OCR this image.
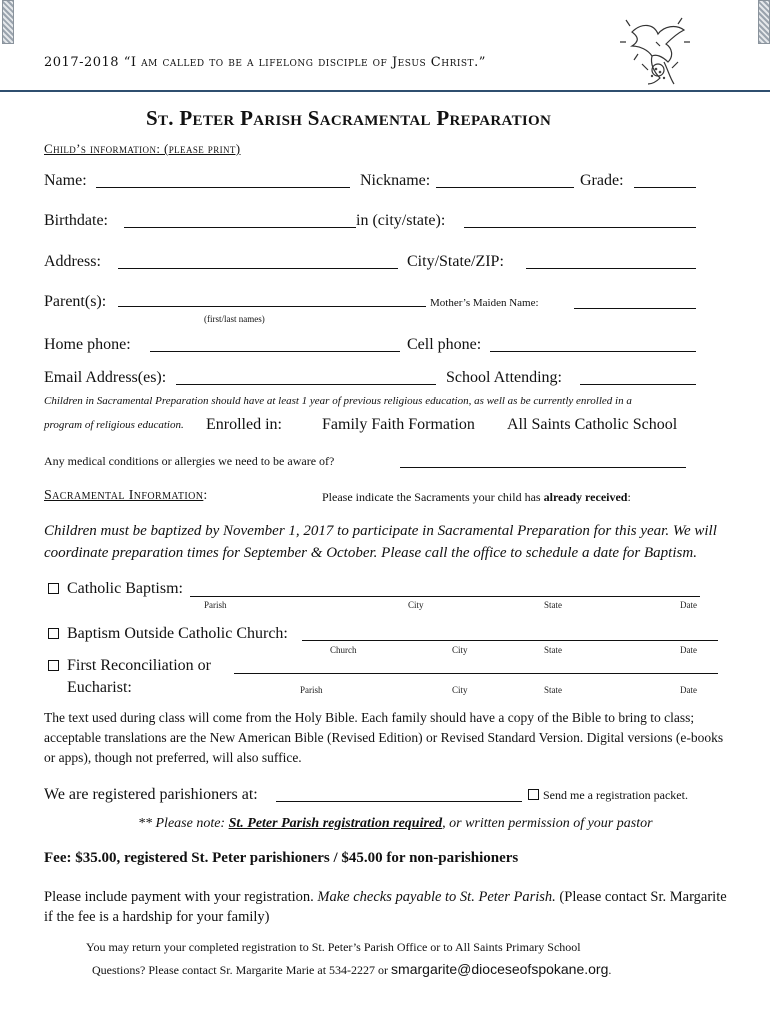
2017-2018 “I am called to be a lifelong disciple of Jesus Christ.”
St. Peter Parish Sacramental Preparation
Child’s information: (please print)
Name:	Nickname:	Grade:
Birthdate:	in (city/state):
Address:	City/State/ZIP:
Parent(s):	Mother’s Maiden Name:
(first/last names)
Home phone:	Cell phone:
Email Address(es):	School Attending:
Children in Sacramental Preparation should have at least 1 year of previous religious education, as well as be currently enrolled in a
program of religious education. Enrolled in:	Family Faith Formation All Saints Catholic School
Any medical conditions or allergies we need to be aware of?
Sacramental Information:	Please indicate the Sacraments your child has already received:
Children must be baptized by November 1, 2017 to participate in Sacramental Preparation for this year. We will
coordinate preparation times for September & October. Please call the office to schedule a date for Baptism.
Catholic Baptism:
Parish	City	State	Date
Baptism Outside Catholic Church:
Church	City	State	Date
First Reconciliation or
Eucharist:	Parish	City	State	Date
The text used during class will come from the Holy Bible. Each family should have a copy of the Bible to bring to class; acceptable translations are the New American Bible (Revised Edition) or Revised Standard Version. Digital versions (e-books or apps), though not preferred, will also suffice.
We are registered parishioners at:	Send me a registration packet.
** Please note: St. Peter Parish registration required, or written permission of your pastor
Fee: $35.00, registered St. Peter parishioners / $45.00 for non-parishioners
Please include payment with your registration. Make checks payable to St. Peter Parish. (Please contact Sr. Margarite if the fee is a hardship for your family)
You may return your completed registration to St. Peter’s Parish Office or to All Saints Primary School
Questions? Please contact Sr. Margarite Marie at 534-2227 or smargarite@dioceseofspokane.org.
